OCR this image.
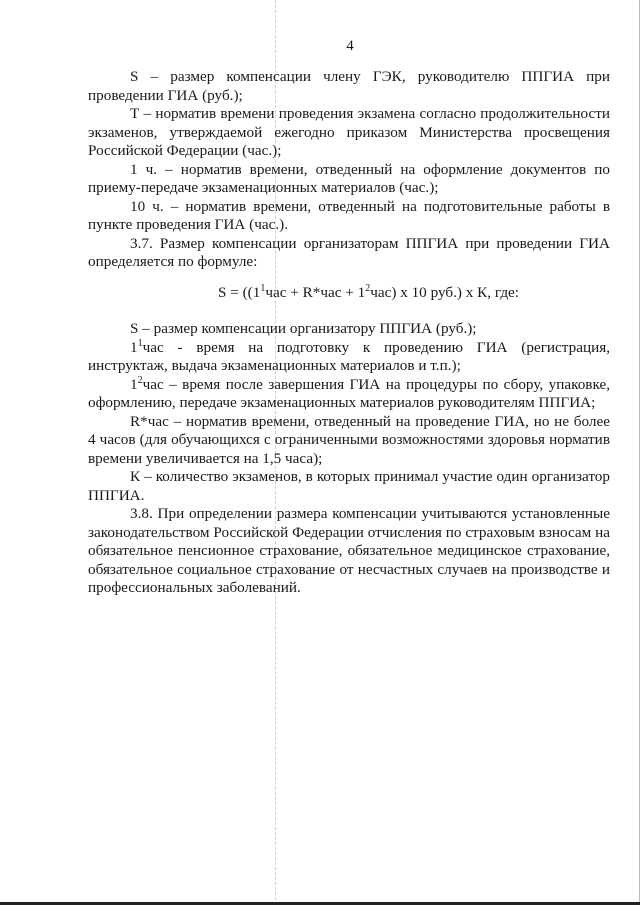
4

S – размер компенсации члену ГЭК, руководителю ППГИА при проведении ГИА (руб.);

Т – норматив времени проведения экзамена согласно продолжительности экзаменов, утверждаемой ежегодно приказом Министерства просвещения Российской Федерации (час.);

1 ч. – норматив времени, отведенный на оформление документов по приему-передаче экзаменационных материалов (час.);

10 ч. – норматив времени, отведенный на подготовительные работы в пункте проведения ГИА (час.).

3.7. Размер компенсации организаторам ППГИА при проведении ГИА определяется по формуле:

$S = ((1^1час + R*час + 1^2час)$ х 10 руб.) х К, где:

S – размер компенсации организатору ППГИА (руб.);

$1^1час$ - время на подготовку к проведению ГИА (регистрация, инструктаж, выдача экзаменационных материалов и т.п.);

$1^2час$ – время после завершения ГИА на процедуры по сбору, упаковке, оформлению, передаче экзаменационных материалов руководителям ППГИА;

R*час – норматив времени, отведенный на проведение ГИА, но не более 4 часов (для обучающихся с ограниченными возможностями здоровья норматив времени увеличивается на 1,5 часа);

К – количество экзаменов, в которых принимал участие один организатор ППГИА.

3.8. При определении размера компенсации учитываются установленные законодательством Российской Федерации отчисления по страховым взносам на обязательное пенсионное страхование, обязательное медицинское страхование, обязательное социальное страхование от несчастных случаев на производстве и профессиональных заболеваний.
